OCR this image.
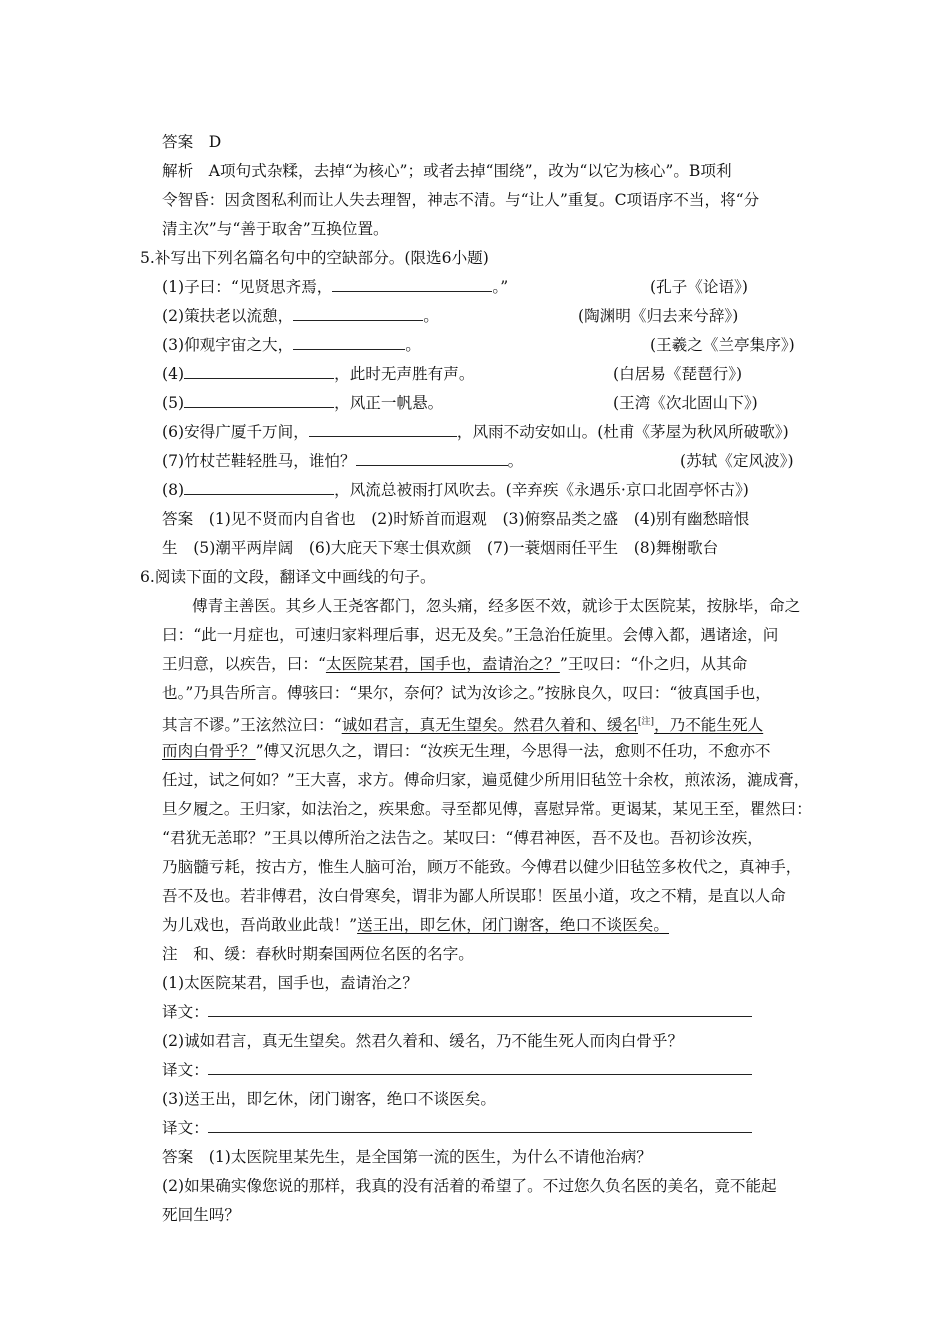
答案　D
解析　A项句式杂糅，去掉“为核心”；或者去掉“围绕”，改为“以它为核心”。B项利
令智昏：因贪图私利而让人失去理智，神志不清。与“让人”重复。C项语序不当，将“分
清主次”与“善于取舍”互换位置。
5.补写出下列名篇名句中的空缺部分。(限选6小题)
(1)子曰：“见贤思齐焉，	。”	(孔子《论语》)
(2)策扶老以流憩，	。	(陶渊明《归去来兮辞》)
(3)仰观宇宙之大，	。	(王羲之《兰亭集序》)
(4)	，此时无声胜有声。	(白居易《琵琶行》)
(5)	，风正一帆悬。	(王湾《次北固山下》)
(6)安得广厦千万间，	，风雨不动安如山。(杜甫《茅屋为秋风所破歌》)
(7)竹杖芒鞋轻胜马，谁怕？	。	(苏轼《定风波》)
(8)	，风流总被雨打风吹去。(辛弃疾《永遇乐·京口北固亭怀古》)
答案　(1)见不贤而内自省也　(2)时矫首而遐观　(3)俯察品类之盛　(4)别有幽愁暗恨
生　(5)潮平两岸阔　(6)大庇天下寒士俱欢颜　(7)一蓑烟雨任平生　(8)舞榭歌台
6.阅读下面的文段，翻译文中画线的句子。
傅青主善医。其乡人王尧客都门，忽头痛，经多医不效，就诊于太医院某，按脉毕，命之
曰：“此一月症也，可速归家料理后事，迟无及矣。”王急治任旋里。会傅入都，遇诸途，问
王归意，以疾告，曰：“太医院某君，国手也，盍请治之？”王叹曰：“仆之归，从其命
也。”乃具告所言。傅骇曰：“果尔，奈何？试为汝诊之。”按脉良久，叹曰：“彼真国手也，
其言不谬。”王泫然泣曰：“诚如君言，真无生望矣。然君久着和、缓名[注]，乃不能生死人
而肉白骨乎？”傅又沉思久之，谓曰：“汝疾无生理，今思得一法，愈则不任功，不愈亦不
任过，试之何如？”王大喜，求方。傅命归家，遍觅健少所用旧毡笠十余枚，煎浓汤，漉成膏，
旦夕履之。王归家，如法治之，疾果愈。寻至都见傅，喜慰异常。更谒某，某见王至，瞿然曰：
“君犹无恙耶？”王具以傅所治之法告之。某叹曰：“傅君神医，吾不及也。吾初诊汝疾，
乃脑髓亏耗，按古方，惟生人脑可治，顾万不能致。今傅君以健少旧毡笠多枚代之，真神手，
吾不及也。若非傅君，汝白骨寒矣，谓非为鄙人所误耶！医虽小道，攻之不精，是直以人命
为儿戏也，吾尚敢业此哉！”送王出，即乞休，闭门谢客，绝口不谈医矣。
注　和、缓：春秋时期秦国两位名医的名字。
(1)太医院某君，国手也，盍请治之？
译文：
(2)诚如君言，真无生望矣。然君久着和、缓名，乃不能生死人而肉白骨乎？
译文：
(3)送王出，即乞休，闭门谢客，绝口不谈医矣。
译文：
答案　(1)太医院里某先生，是全国第一流的医生，为什么不请他治病？
(2)如果确实像您说的那样，我真的没有活着的希望了。不过您久负名医的美名，竟不能起
死回生吗？
